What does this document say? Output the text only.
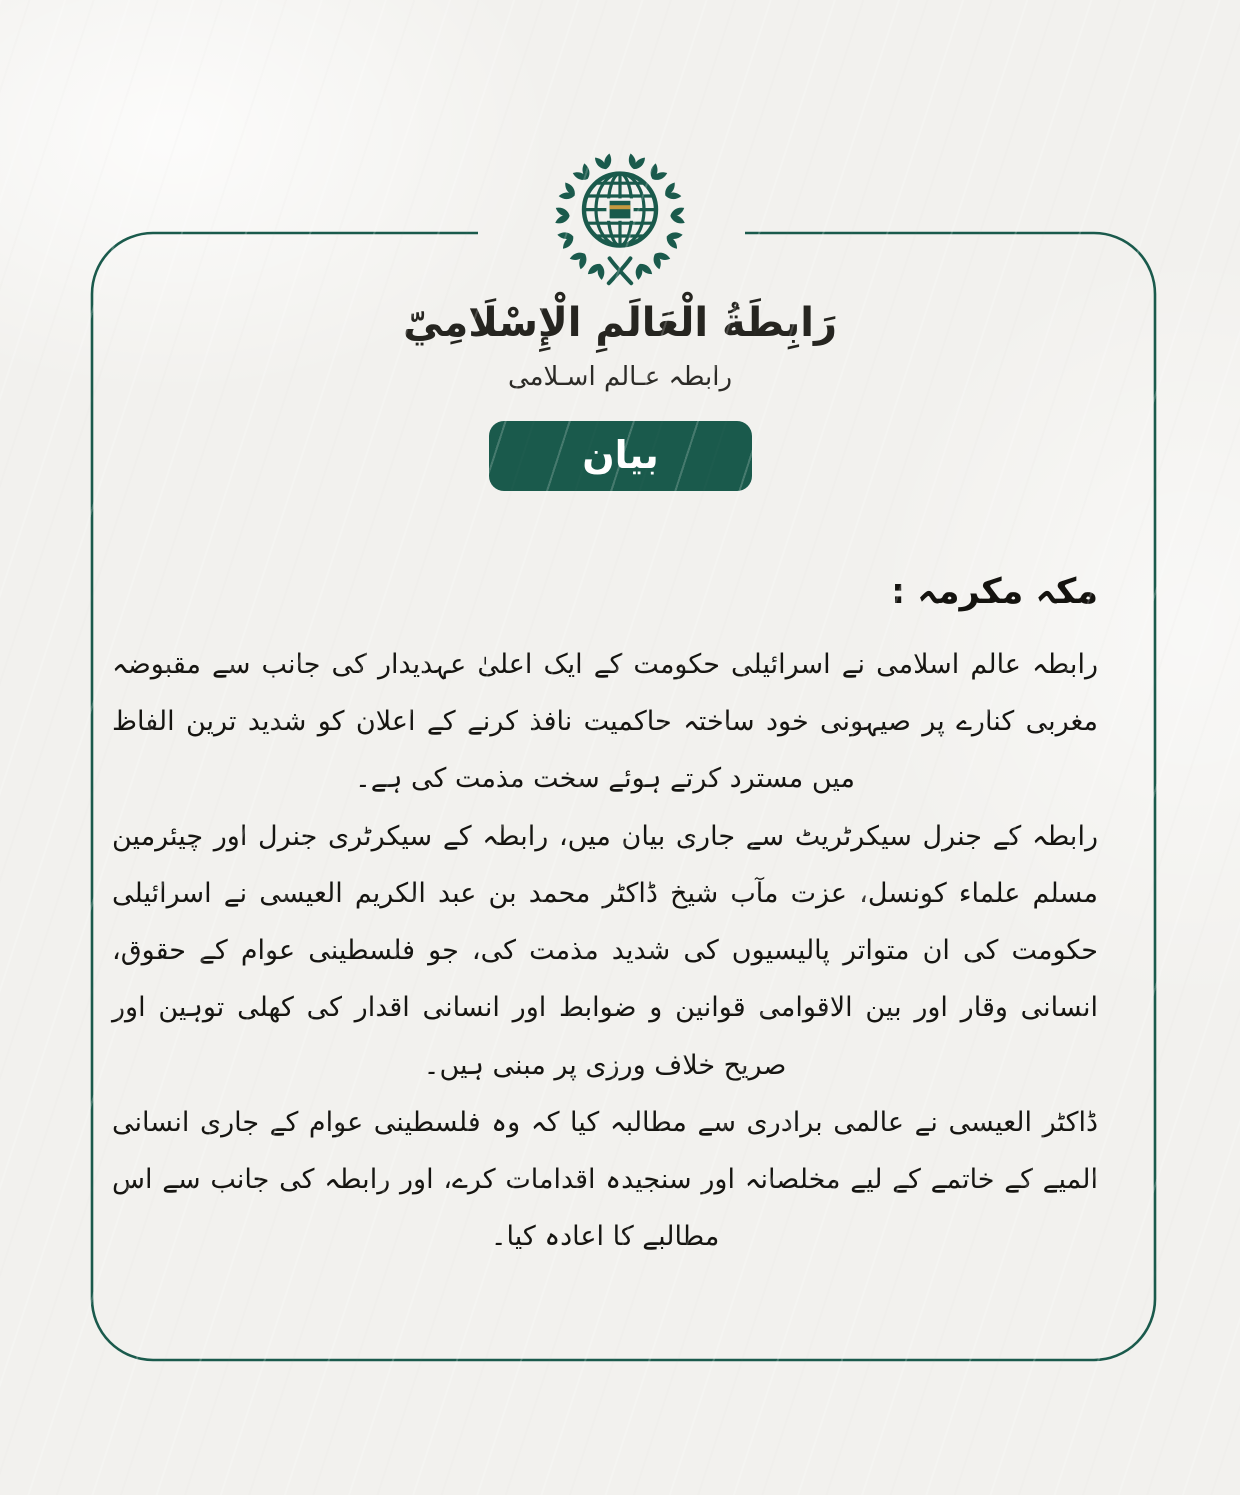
رَابِطَةُ الْعَالَمِ الْإِسْلَامِيّ
رابطہ عـالم اسـلامی
بیان
مکہ مکرمہ :

رابطہ عالم اسلامی نے اسرائیلی حکومت کے ایک اعلیٰ عہدیدار کی جانب سے مقبوضہ مغربی کنارے پر صیہونی خود ساختہ حاکمیت نافذ کرنے کے اعلان کو شدید ترین الفاظ میں مسترد کرتے ہوئے سخت مذمت کی ہے۔

رابطہ کے جنرل سیکرٹریٹ سے جاری بیان میں، رابطہ کے سیکرٹری جنرل اور چیئرمین مسلم علماء کونسل، عزت مآب شیخ ڈاکٹر محمد بن عبد الکریم العیسی نے اسرائیلی حکومت کی ان متواتر پالیسیوں کی شدید مذمت کی، جو فلسطینی عوام کے حقوق، انسانی وقار اور بین الاقوامی قوانین و ضوابط اور انسانی اقدار کی کھلی توہین اور صریح خلاف ورزی پر مبنی ہیں۔

ڈاکٹر العیسی نے عالمی برادری سے مطالبہ کیا کہ وہ فلسطینی عوام کے جاری انسانی المیے کے خاتمے کے لیے مخلصانہ اور سنجیدہ اقدامات کرے، اور رابطہ کی جانب سے اس مطالبے کا اعادہ کیا۔
